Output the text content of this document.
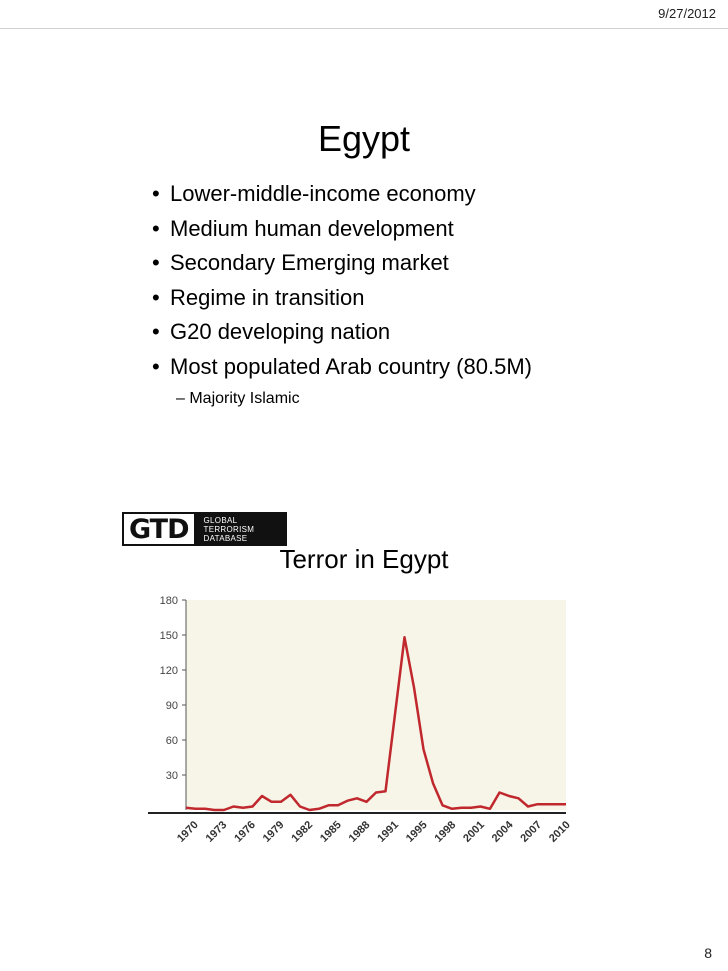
9/27/2012
Egypt
• Lower-middle-income economy
• Medium human development
• Secondary Emerging market
• Regime in transition
• G20 developing nation
• Most populated Arab country (80.5M)
– Majority Islamic
GTD	GLOBAL TERRORISM DATABASE
Terror in Egypt
30
60
90
120
150
180
1970 1973 1976 1979 1982 1985 1988 1991 1995 1998 2001 2004 2007 2010
8
